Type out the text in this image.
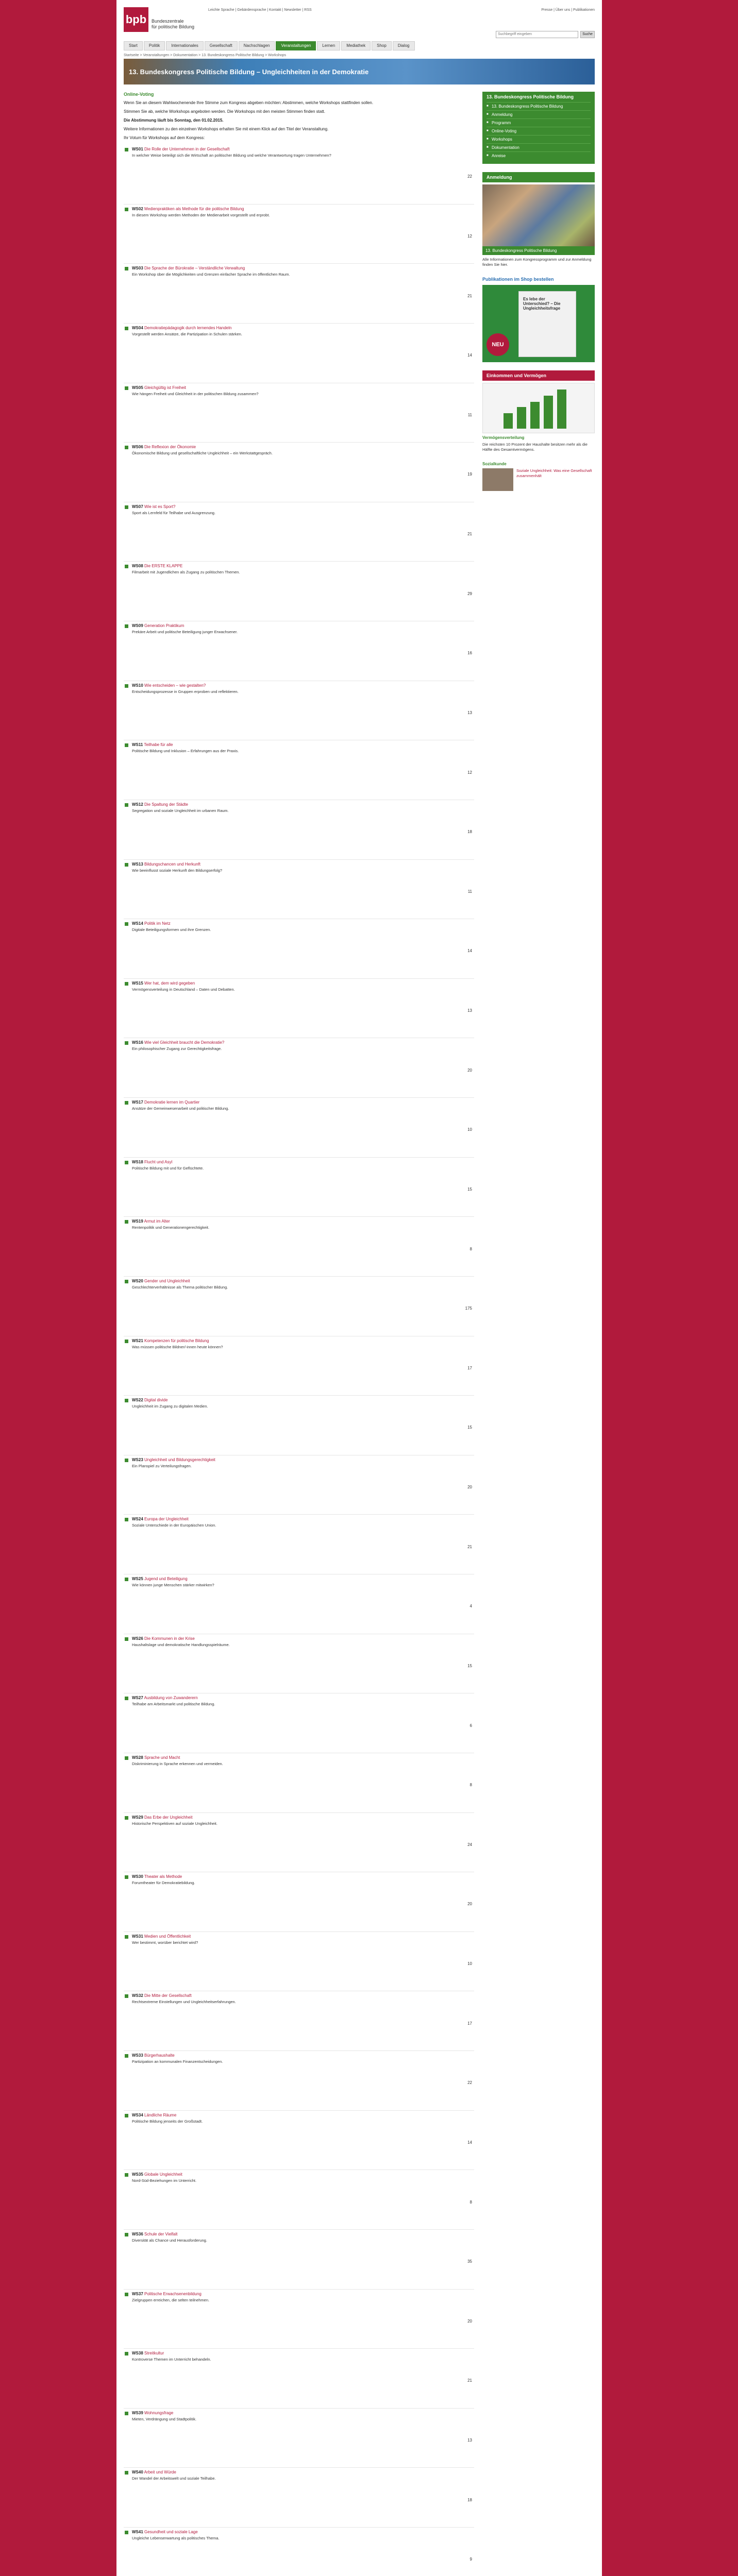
bpb Bundeszentrale
für politische Bildung
Leichte Sprache | Gebärdensprache | Kontakt | Newsletter | RSS	Presse | Über uns | Publikationen
Suchbegriff eingeben	Suche
Start	Politik	Internationales	Gesellschaft	Nachschlagen	Veranstaltungen	Lernen	Mediathek	Shop	Dialog
Startseite > Veranstaltungen > Dokumentation > 13. Bundeskongress Politische Bildung > Workshops
13. Bundeskongress Politische Bildung – Ungleichheiten in der Demokratie
Online-Voting

Wenn Sie an diesem Wahlwochenende Ihre Stimme zum Kongress abgeben möchten: Abstimmen, welche Workshops stattfinden sollen.

Stimmen Sie ab, welche Workshops angeboten werden. Die Workshops mit den meisten Stimmen finden statt.

Die Abstimmung läuft bis Sonntag, den 01.02.2015.

Weitere Informationen zu den einzelnen Workshops erhalten Sie mit einem Klick auf den Titel der Veranstaltung.

Ihr Votum für Workshops auf dem Kongress:

WS01 Die Rolle der Unternehmen in der Gesellschaft
In welcher Weise beteiligt sich die Wirtschaft an politischer Bildung und welche Verantwortung tragen Unternehmen?
22
WS02 Medienpraktiken als Methode für die politische Bildung
In diesem Workshop werden Methoden der Medienarbeit vorgestellt und erprobt.
12
WS03 Die Sprache der Bürokratie – Verständliche Verwaltung
Ein Workshop über die Möglichkeiten und Grenzen einfacher Sprache im öffentlichen Raum.
21
WS04 Demokratiepädagogik durch lernendes Handeln
Vorgestellt werden Ansätze, die Partizipation in Schulen stärken.
14
WS05 Gleichgültig ist Freiheit
Wie hängen Freiheit und Gleichheit in der politischen Bildung zusammen?
11
WS06 Die Reflexion der Ökonomie
Ökonomische Bildung und gesellschaftliche Ungleichheit – ein Werkstattgespräch.
19
WS07 Wie ist es Sport?
Sport als Lernfeld für Teilhabe und Ausgrenzung.
21
WS08 Die ERSTE KLAPPE
Filmarbeit mit Jugendlichen als Zugang zu politischen Themen.
29
WS09 Generation Praktikum
Prekäre Arbeit und politische Beteiligung junger Erwachsener.
16
WS10 Wie entscheiden – wie gestalten?
Entscheidungsprozesse in Gruppen erproben und reflektieren.
13
WS11 Teilhabe für alle
Politische Bildung und Inklusion – Erfahrungen aus der Praxis.
12
WS12 Die Spaltung der Städte
Segregation und soziale Ungleichheit im urbanen Raum.
18
WS13 Bildungschancen und Herkunft
Wie beeinflusst soziale Herkunft den Bildungserfolg?
11
WS14 Politik im Netz
Digitale Beteiligungsformen und ihre Grenzen.
14
WS15 Wer hat, dem wird gegeben
Vermögensverteilung in Deutschland – Daten und Debatten.
13
WS16 Wie viel Gleichheit braucht die Demokratie?
Ein philosophischer Zugang zur Gerechtigkeitsfrage.
20
WS17 Demokratie lernen im Quartier
Ansätze der Gemeinwesenarbeit und politischer Bildung.
10
WS18 Flucht und Asyl
Politische Bildung mit und für Geflüchtete.
15
WS19 Armut im Alter
Rentenpolitik und Generationengerechtigkeit.
8
WS20 Gender und Ungleichheit
Geschlechterverhältnisse als Thema politischer Bildung.
175
WS21 Kompetenzen für politische Bildung
Was müssen politische Bildner/-innen heute können?
17
WS22 Digital divide
Ungleichheit im Zugang zu digitalen Medien.
15
WS23 Ungleichheit und Bildungsgerechtigkeit
Ein Planspiel zu Verteilungsfragen.
20
WS24 Europa der Ungleichheit
Soziale Unterschiede in der Europäischen Union.
21
WS25 Jugend und Beteiligung
Wie können junge Menschen stärker mitwirken?
4
WS26 Die Kommunen in der Krise
Haushaltslage und demokratische Handlungsspielräume.
15
WS27 Ausbildung von Zuwanderern
Teilhabe am Arbeitsmarkt und politische Bildung.
6
WS28 Sprache und Macht
Diskriminierung in Sprache erkennen und vermeiden.
8
WS29 Das Erbe der Ungleichheit
Historische Perspektiven auf soziale Ungleichheit.
24
WS30 Theater als Methode
Forumtheater für Demokratiebildung.
20
WS31 Medien und Öffentlichkeit
Wer bestimmt, worüber berichtet wird?
10
WS32 Die Mitte der Gesellschaft
Rechtsextreme Einstellungen und Ungleichheitserfahrungen.
17
WS33 Bürgerhaushalte
Partizipation an kommunalen Finanzentscheidungen.
22
WS34 Ländliche Räume
Politische Bildung jenseits der Großstadt.
14
WS35 Globale Ungleichheit
Nord-Süd-Beziehungen im Unterricht.
8
WS36 Schule der Vielfalt
Diversität als Chance und Herausforderung.
35
WS37 Politische Erwachsenenbildung
Zielgruppen erreichen, die selten teilnehmen.
20
WS38 Streitkultur
Kontroverse Themen im Unterricht behandeln.
21
WS39 Wohnungsfrage
Mieten, Verdrängung und Stadtpolitik.
13
WS40 Arbeit und Würde
Der Wandel der Arbeitswelt und soziale Teilhabe.
18
WS41 Gesundheit und soziale Lage
Ungleiche Lebenserwartung als politisches Thema.
9
13. Bundeskongress Politische Bildung
■ 13. Bundeskongress Politische Bildung
■ Anmeldung
■ Programm
■ Online-Voting
■ Workshops
■ Dokumentation
■ Anreise
Anmeldung
13. Bundeskongress Politische Bildung
Alle Informationen zum Kongressprogramm und zur Anmeldung finden Sie hier.
Publikationen im Shop bestellen
Es lebe der Unterschied? – Die Ungleichheitsfrage
NEU
Einkommen und Vermögen
Vermögensverteilung
Die reichsten 10 Prozent der Haushalte besitzen mehr als die Hälfte des Gesamtvermögens.
Sozialkunde
Soziale Ungleichheit: Was eine Gesellschaft zusammenhält
